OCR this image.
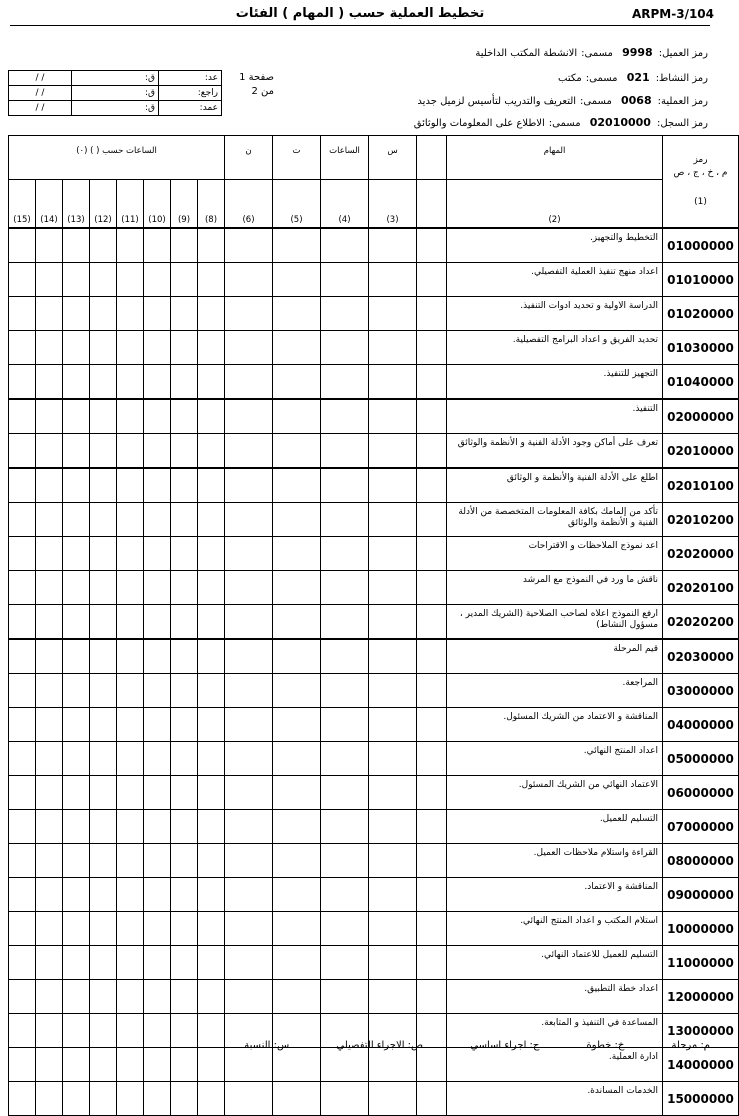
تخطيط العملية حسب ( المهام ) الفئات	ARPM-3/104
رمز العميل:9998 مسمى:الانشطة المكتب الداخلية
رمز النشاط:021 مسمى:مكتب
رمز العملية:0068 مسمى:التعريف والتدريب لتأسيس لزميل جديد
رمز السجل:02010000 مسمى:الاطلاع على المعلومات والوثائق
/ /	ق:	عد:
/ /	ق:	راجع:
/ /	ق:	عمد:
صفحة 1
من 2
الساعات حسب ( ) (٠)								ن	ت	الساعات	س		المهام	رمز
م ، خ ، ج ، ص
(1)

(15)	(14)	(13)	(12)	(11)	(10)	(9)	(8)	(6)	(5)	(4)	(3)		(2)	
													التخطيط والتجهيز.	01000000
													اعداد منهج تنفيذ العملية التفصيلي.	01010000
													الدراسة الاولية و تحديد ادوات التنفيذ.	01020000
													تحديد الفريق و اعداد البرامج التفصيلية.	01030000
													التجهيز للتنفيذ.	01040000
													التنفيذ.	02000000
													تعرف على أماكن وجود الأدلة الفنية و الأنظمة والوثائق	02010000
													اطلع على الأدلة الفنية والأنظمة و الوثائق	02010100
													تأكد من إلمامك بكافة المعلومات المتخصصة من الأدلة الفنية و الأنظمة والوثائق	02010200
													اعد نموذج الملاحظات و الاقتراحات	02020000
													ناقش ما ورد في النموذج مع المرشد	02020100
													ارفع النموذج اعلاه لصاحب الصلاحية (الشريك المدير ، مسؤول النشاط)	02020200
													قيم المرحلة	02030000
													المراجعة.	03000000
													المناقشة و الاعتماد من الشريك المسئول.	04000000
													اعداد المنتج النهائي.	05000000
													الاعتماد النهائي من الشريك المسئول.	06000000
													التسليم للعميل.	07000000
													القراءة واستلام ملاحظات العميل.	08000000
													المناقشة و الاعتماد.	09000000
													استلام المكتب و اعداد المنتج النهائي.	10000000
													التسليم للعميل للاعتماد النهائي.	11000000
													اعداد خطة التطبيق.	12000000
													المساعدة في التنفيذ و المتابعة.	13000000
													ادارة العملية.	14000000
													الخدمات المساندة.	15000000
م: مرحلة خ: خطوة ج: اجراء اساسي ص: الاجراء التفصيلي س: النسبة
